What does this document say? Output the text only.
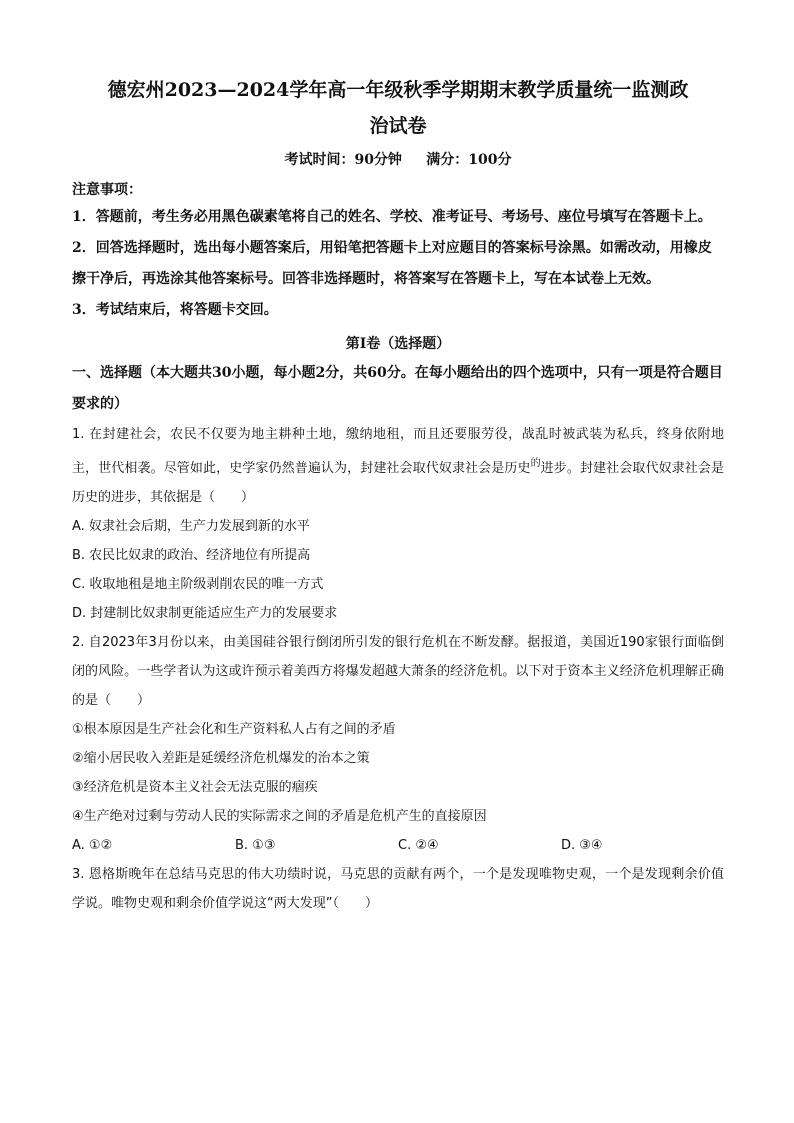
德宏州2023—2024学年高一年级秋季学期期末教学质量统一监测政
治试卷
考试时间：90分钟     满分：100分
注意事项：

1．答题前，考生务必用黑色碳素笔将自己的姓名、学校、准考证号、考场号、座位号填写在答题卡上。

2．回答选择题时，选出每小题答案后，用铅笔把答题卡上对应题目的答案标号涂黑。如需改动，用橡皮擦干净后，再选涂其他答案标号。回答非选择题时，将答案写在答题卡上，写在本试卷上无效。

3．考试结束后，将答题卡交回。

第Ⅰ卷（选择题）

一、选择题（本大题共30小题，每小题2分，共60分。在每小题给出的四个选项中，只有一项是符合题目要求的）

1. 在封建社会，农民不仅要为地主耕种土地，缴纳地租，而且还要服劳役，战乱时被武装为私兵，终身依附地主，世代相袭。尽管如此，史学家仍然普遍认为，封建社会取代奴隶社会是历史$^的$进步。封建社会取代奴隶社会是历史的进步，其依据是（　　）

A. 奴隶社会后期，生产力发展到新的水平

B. 农民比奴隶的政治、经济地位有所提高

C. 收取地租是地主阶级剥削农民的唯一方式

D. 封建制比奴隶制更能适应生产力的发展要求

2. 自2023年3月份以来，由美国硅谷银行倒闭所引发的银行危机在不断发酵。据报道，美国近190家银行面临倒闭的风险。一些学者认为这或许预示着美西方将爆发超越大萧条的经济危机。以下对于资本主义经济危机理解正确的是（　　）

①根本原因是生产社会化和生产资料私人占有之间的矛盾

②缩小居民收入差距是延缓经济危机爆发的治本之策

③经济危机是资本主义社会无法克服的痼疾

④生产绝对过剩与劳动人民的实际需求之间的矛盾是危机产生的直接原因

A. ①②	B. ①③	C. ②④	D. ③④

3. 恩格斯晚年在总结马克思的伟大功绩时说，马克思的贡献有两个，一个是发现唯物史观，一个是发现剩余价值学说。唯物史观和剩余价值学说这“两大发现”（　　）
